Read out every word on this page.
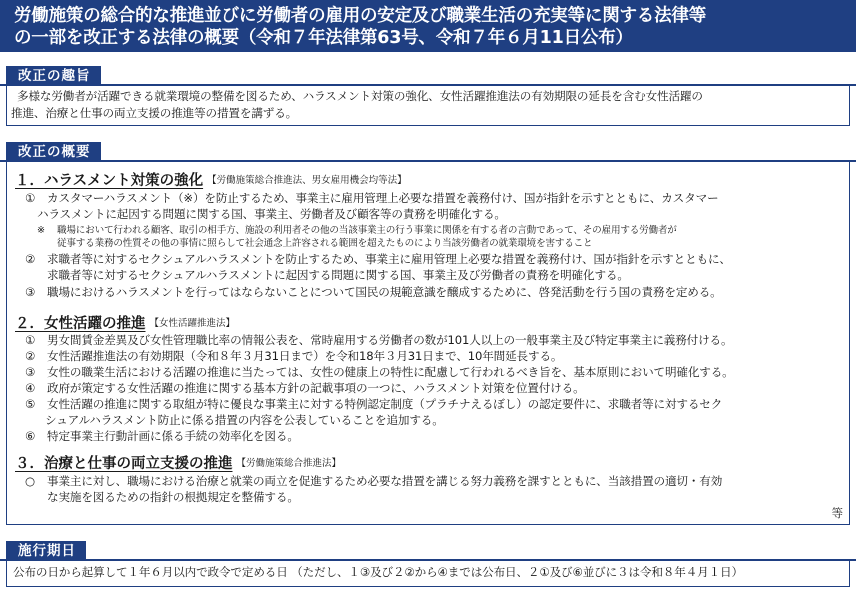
労働施策の総合的な推進並びに労働者の雇用の安定及び職業生活の充実等に関する法律等
の一部を改正する法律の概要（令和７年法律第63号、令和７年６月11日公布）
改正の趣旨
多様な労働者が活躍できる就業環境の整備を図るため、ハラスメント対策の強化、女性活躍推進法の有効期限の延長を含む女性活躍の
推進、治療と仕事の両立支援の推進等の措置を講ずる。
改正の概要
１．ハラスメント対策の強化 【労働施策総合推進法、男女雇用機会均等法】
① カスタマーハラスメント（※）を防止するため、事業主に雇用管理上必要な措置を義務付け、国が指針を示すとともに、カスタマー
ハラスメントに起因する問題に関する国、事業主、労働者及び顧客等の責務を明確化する。
※ 職場において行われる顧客、取引の相手方、施設の利用者その他の当該事業主の行う事業に関係を有する者の言動であって、その雇用する労働者が
従事する業務の性質その他の事情に照らして社会通念上許容される範囲を超えたものにより当該労働者の就業環境を害すること
② 求職者等に対するセクシュアルハラスメントを防止するため、事業主に雇用管理上必要な措置を義務付け、国が指針を示すとともに、
求職者等に対するセクシュアルハラスメントに起因する問題に関する国、事業主及び労働者の責務を明確化する。
③ 職場におけるハラスメントを行ってはならないことについて国民の規範意識を醸成するために、啓発活動を行う国の責務を定める。
２．女性活躍の推進 【女性活躍推進法】
① 男女間賃金差異及び女性管理職比率の情報公表を、常時雇用する労働者の数が101人以上の一般事業主及び特定事業主に義務付ける。
② 女性活躍推進法の有効期限（令和８年３月31日まで）を令和18年３月31日まで、10年間延長する。
③ 女性の職業生活における活躍の推進に当たっては、女性の健康上の特性に配慮して行われるべき旨を、基本原則において明確化する。
④ 政府が策定する女性活躍の推進に関する基本方針の記載事項の一つに、ハラスメント対策を位置付ける。
⑤ 女性活躍の推進に関する取組が特に優良な事業主に対する特例認定制度（プラチナえるぼし）の認定要件に、求職者等に対するセク
シュアルハラスメント防止に係る措置の内容を公表していることを追加する。
⑥ 特定事業主行動計画に係る手続の効率化を図る。
３．治療と仕事の両立支援の推進 【労働施策総合推進法】
○ 事業主に対し、職場における治療と就業の両立を促進するため必要な措置を講じる努力義務を課すとともに、当該措置の適切・有効
な実施を図るための指針の根拠規定を整備する。
等
施行期日
公布の日から起算して１年６月以内で政令で定める日 （ただし、１③及び２②から④までは公布日、２①及び⑥並びに３は令和８年４月１日）
